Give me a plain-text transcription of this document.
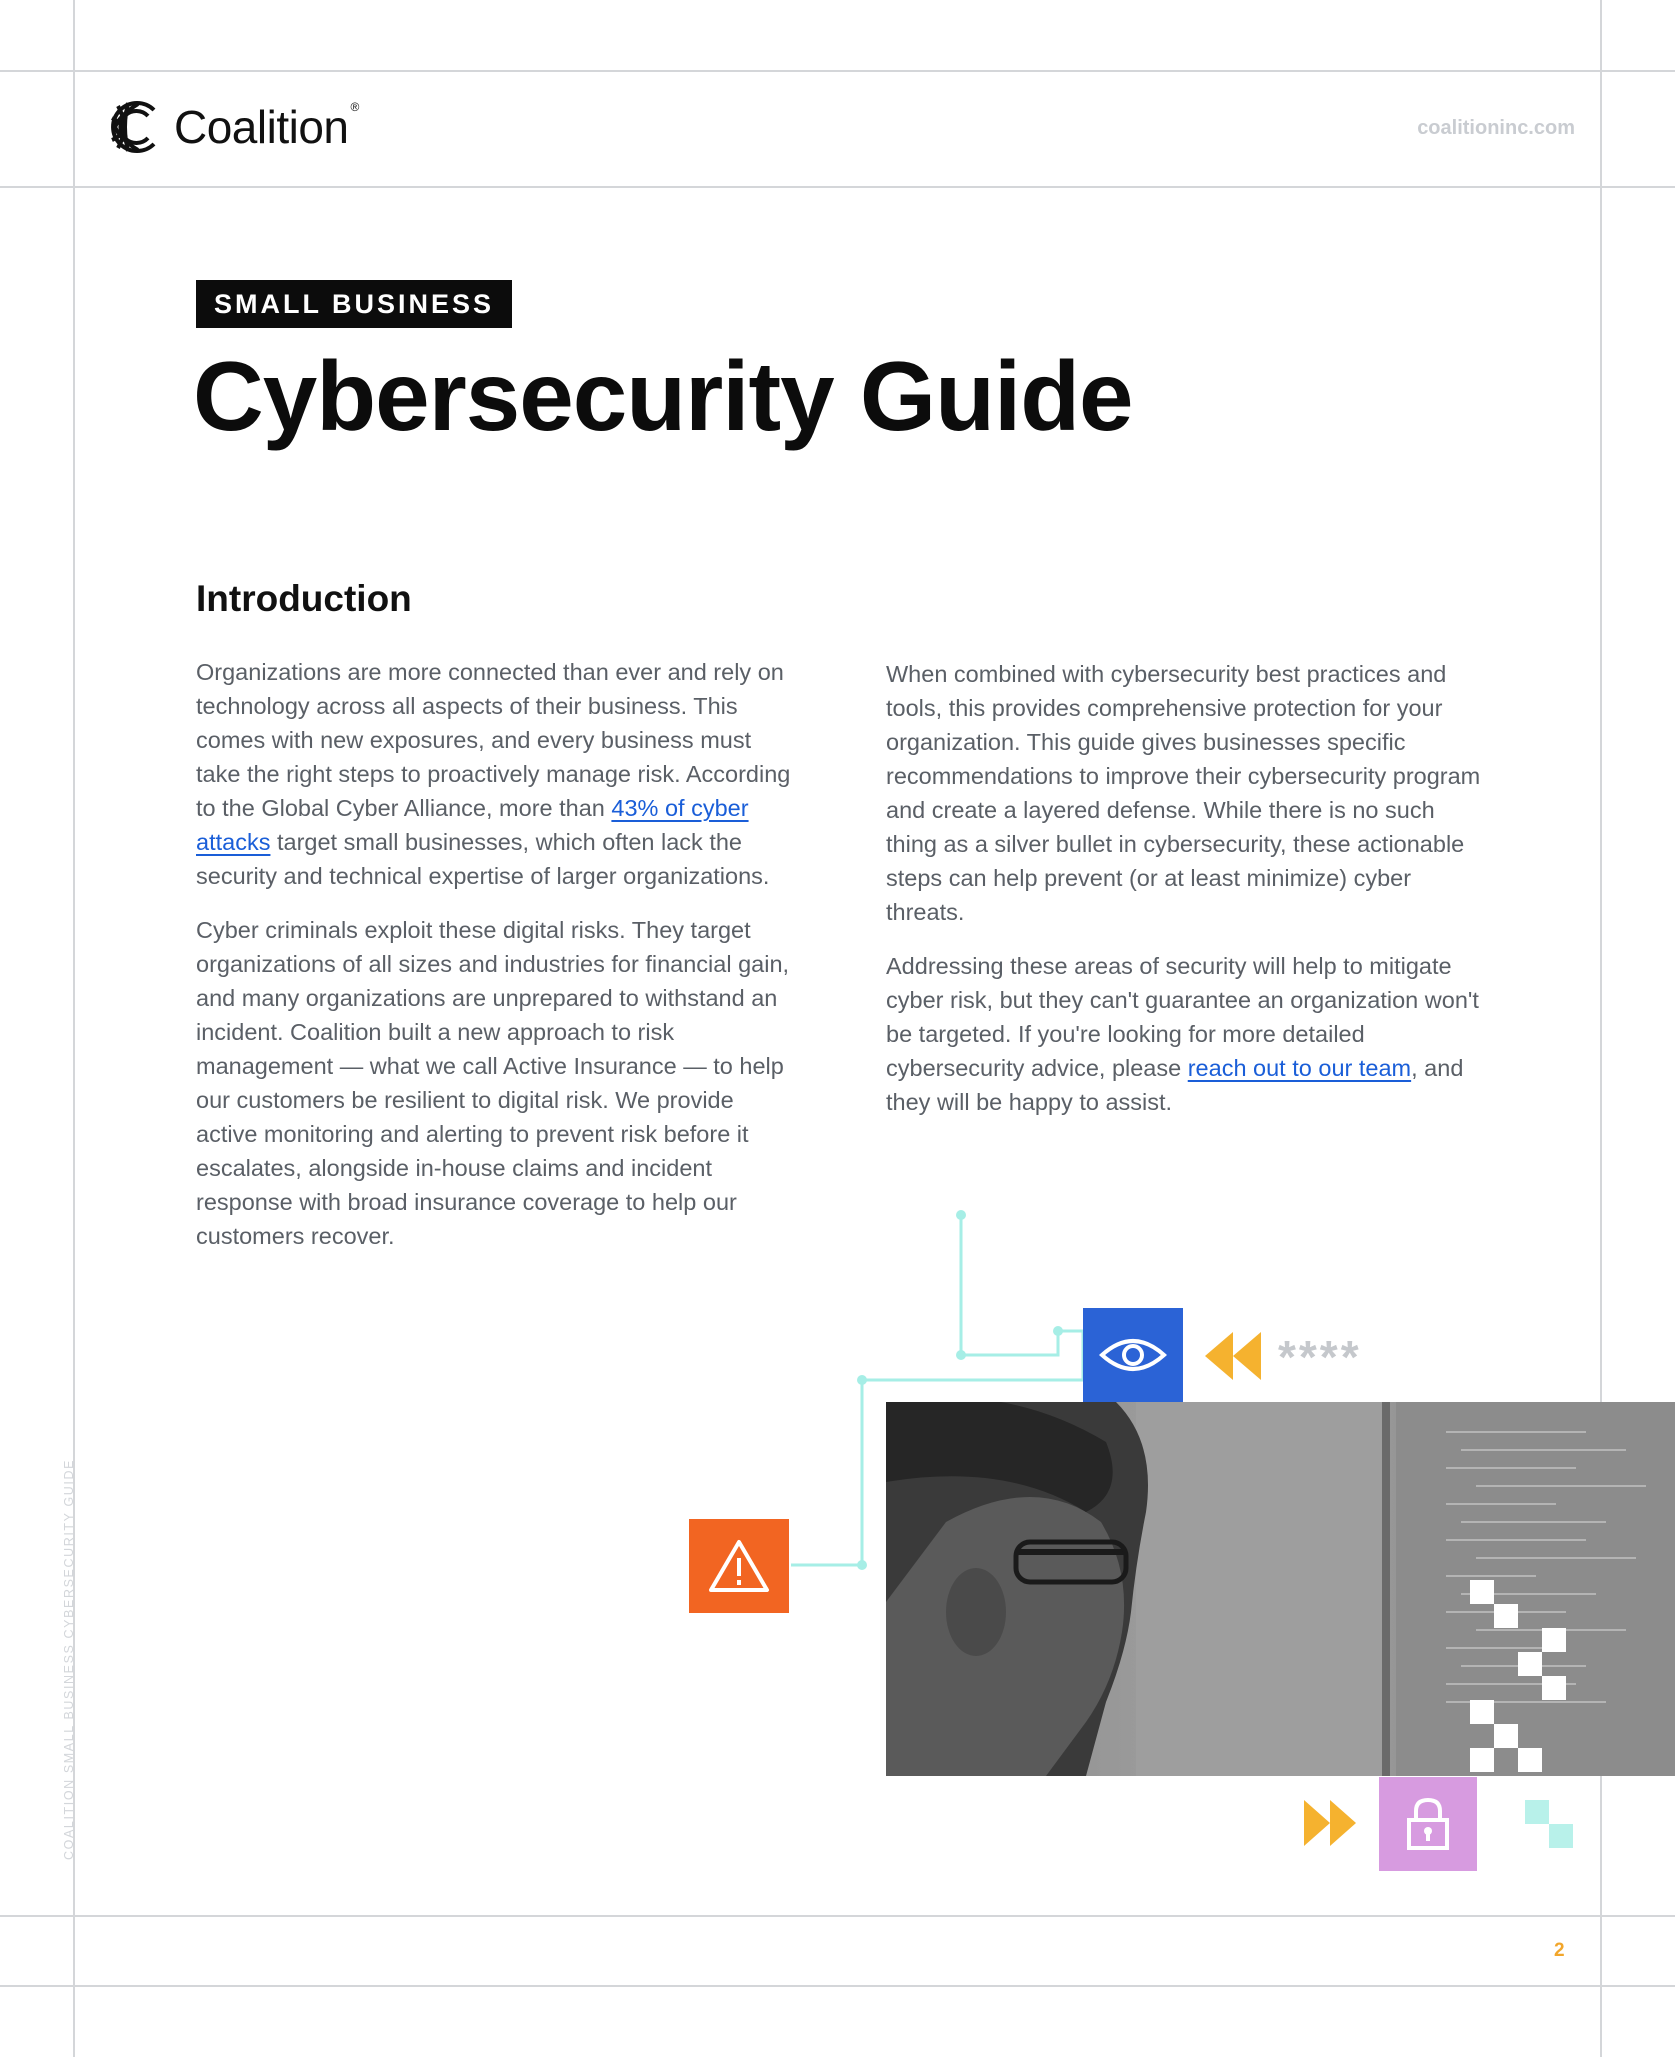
Coalition ®
coalitioninc.com
SMALL BUSINESS
Cybersecurity Guide
Introduction

Organizations are more connected than ever and rely on technology across all aspects of their business. This comes with new exposures, and every business must take the right steps to proactively manage risk. According to the Global Cyber Alliance, more than 43% of cyber attacks target small businesses, which often lack the security and technical expertise of larger organizations.

Cyber criminals exploit these digital risks. They target organizations of all sizes and industries for financial gain, and many organizations are unprepared to withstand an incident. Coalition built a new approach to risk management — what we call Active Insurance — to help our customers be resilient to digital risk. We provide active monitoring and alerting to prevent risk before it escalates, alongside in-house claims and incident response with broad insurance coverage to help our customers recover.

When combined with cybersecurity best practices and tools, this provides comprehensive protection for your organization. This guide gives businesses specific recommendations to improve their cybersecurity program and create a layered defense. While there is no such thing as a silver bullet in cybersecurity, these actionable steps can help prevent (or at least minimize) cyber threats.

Addressing these areas of security will help to mitigate cyber risk, but they can't guarantee an organization won't be targeted. If you're looking for more detailed cybersecurity advice, please reach out to our team, and they will be happy to assist.

****
COALITION SMALL BUSINESS CYBERSECURITY GUIDE
2
